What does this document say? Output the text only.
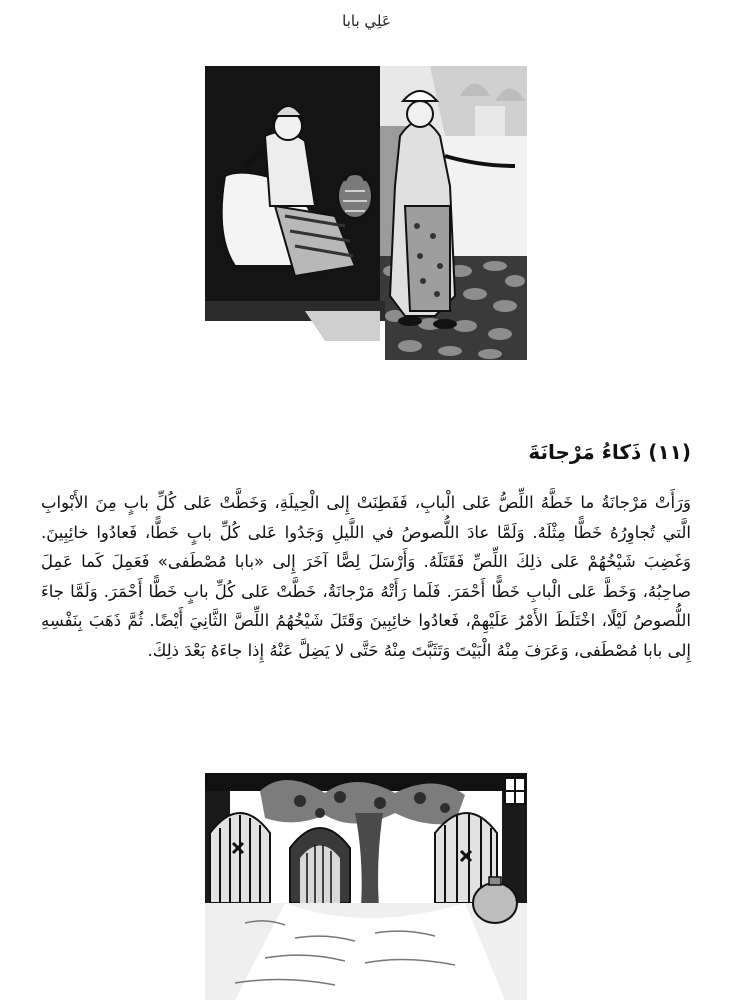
عَلِي بابا
(١١) ذَكاءُ مَرْجانَةَ
وَرَأَتْ مَرْجانَةُ ما خَطَّهُ اللِّصُّ عَلى الْبابِ، فَفَطِنَتْ إِلى الْحِيلَةِ، وَخَطَّتْ عَلى كُلِّ بابٍ مِنَ الأَبْوابِ الَّتي تُجاوِرُهُ خَطًّا مِثْلَهُ. وَلَمَّا عادَ اللُّصوصُ في اللَّيلِ وَجَدُوا عَلى كُلِّ بابٍ خَطًّا، فَعادُوا خائِبِينَ. وَغَضِبَ شَيْخُهُمْ عَلى ذلِكَ اللِّصِّ فَقَتَلَهُ. وَأَرْسَلَ لِصًّا آخَرَ إِلى «بابا مُصْطَفى» فَعَمِلَ كَما عَمِلَ صاحِبُهُ، وَخَطَّ عَلى الْبابِ خَطًّا أَحْمَرَ. فَلَما رَأَتْهُ مَرْجانَةُ، خَطَّتْ عَلى كُلِّ بابٍ خَطًّا أَحْمَرَ. وَلَمَّا جاءَ اللُّصوصُ لَيْلًا، اخْتَلَطَ الأَمْرُ عَلَيْهِمْ، فَعادُوا خائِبِينَ وَقَتَلَ شَيْخُهُمُ اللِّصَّ الثَّانِيَ أَيْضًا. ثُمَّ ذَهَبَ بِنَفْسِهِ إِلى بابا مُصْطَفى، وَعَرَفَ مِنْهُ الْبَيْتَ وَتَثَبَّتَ مِنْهُ حَتَّى لا يَضِلَّ عَنْهُ إِذا جاءَهُ بَعْدَ ذلِكَ.
